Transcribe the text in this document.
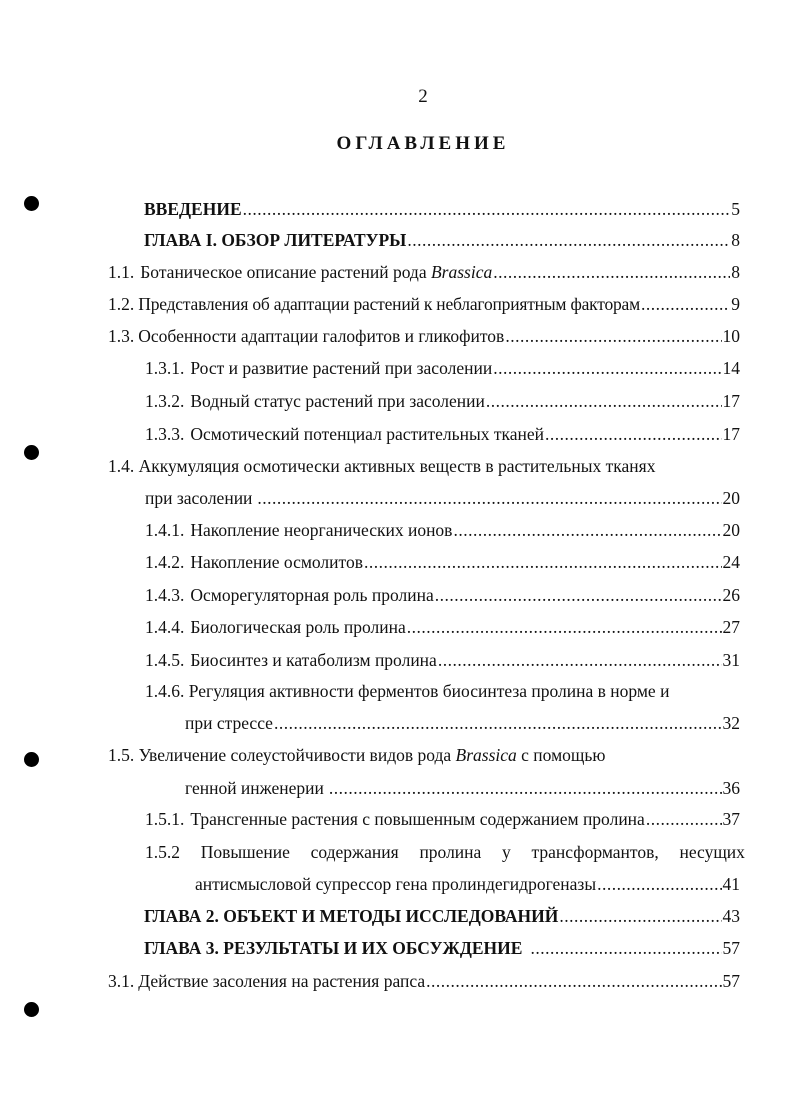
2
ОГЛАВЛЕНИЕ
ВВЕДЕНИЕ .....	5
ГЛАВА I. ОБЗОР ЛИТЕРАТУРЫ .....	8
1.1. Ботаническое описание растений рода Brassica .....	8
1.2. Представления об адаптации растений к неблагоприятным факторам .....	9
1.3. Особенности адаптации галофитов и гликофитов .....	10
1.3.1. Рост и развитие растений при засолении .....	14
1.3.2. Водный статус растений при засолении .....	17
1.3.3. Осмотический потенциал растительных тканей .....	17
1.4. Аккумуляция осмотически активных веществ в растительных тканях
при засолении .....	20
1.4.1. Накопление неорганических ионов .....	20
1.4.2. Накопление осмолитов .....	24
1.4.3. Осморегуляторная роль пролина .....	26
1.4.4. Биологическая роль пролина .....	27
1.4.5. Биосинтез и катаболизм пролина .....	31
1.4.6. Регуляция активности ферментов биосинтеза пролина в норме и
при стрессе .....	32
1.5. Увеличение солеустойчивости видов рода Brassica с помощью
генной инженерии .....	36
1.5.1. Трансгенные растения с повышенным содержанием пролина .....	37
1.5.2 Повышение содержания пролина у трансформантов, несущих
антисмысловой супрессор гена пролиндегидрогеназы .....	41
ГЛАВА 2. ОБЪЕКТ И МЕТОДЫ ИССЛЕДОВАНИЙ .....	43
ГЛАВА 3. РЕЗУЛЬТАТЫ И ИХ ОБСУЖДЕНИЕ .....	57
3.1. Действие засоления на растения рапса .....	57
